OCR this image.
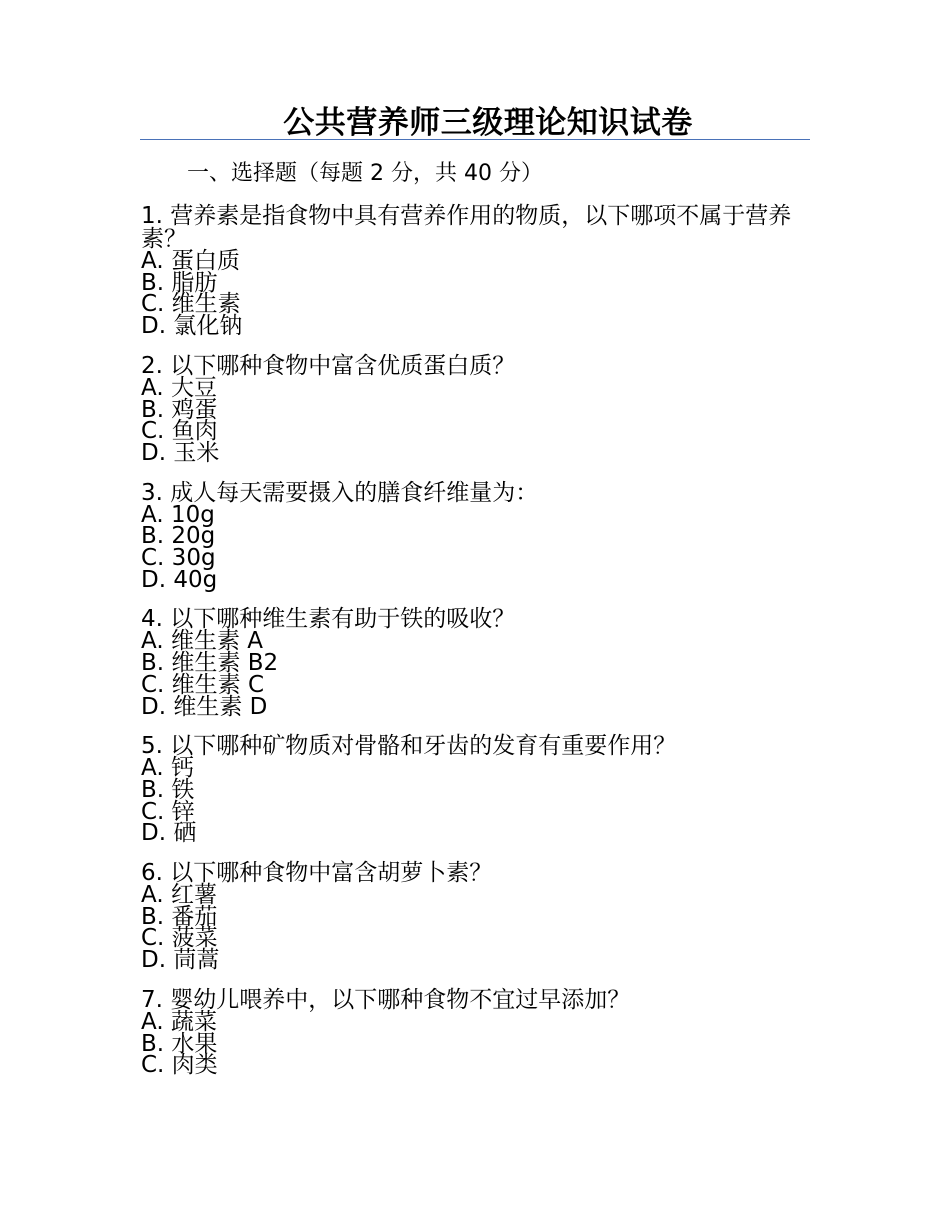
公共营养师三级理论知识试卷
一、选择题（每题 2 分，共 40 分）
1. 营养素是指食物中具有营养作用的物质，以下哪项不属于营养素？
A. 蛋白质
B. 脂肪
C. 维生素
D. 氯化钠
2. 以下哪种食物中富含优质蛋白质？
A. 大豆
B. 鸡蛋
C. 鱼肉
D. 玉米
3. 成人每天需要摄入的膳食纤维量为：
A. 10g
B. 20g
C. 30g
D. 40g
4. 以下哪种维生素有助于铁的吸收？
A. 维生素 A
B. 维生素 B2
C. 维生素 C
D. 维生素 D
5. 以下哪种矿物质对骨骼和牙齿的发育有重要作用？
A. 钙
B. 铁
C. 锌
D. 硒
6. 以下哪种食物中富含胡萝卜素？
A. 红薯
B. 番茄
C. 菠菜
D. 茼蒿
7. 婴幼儿喂养中，以下哪种食物不宜过早添加？
A. 蔬菜
B. 水果
C. 肉类
